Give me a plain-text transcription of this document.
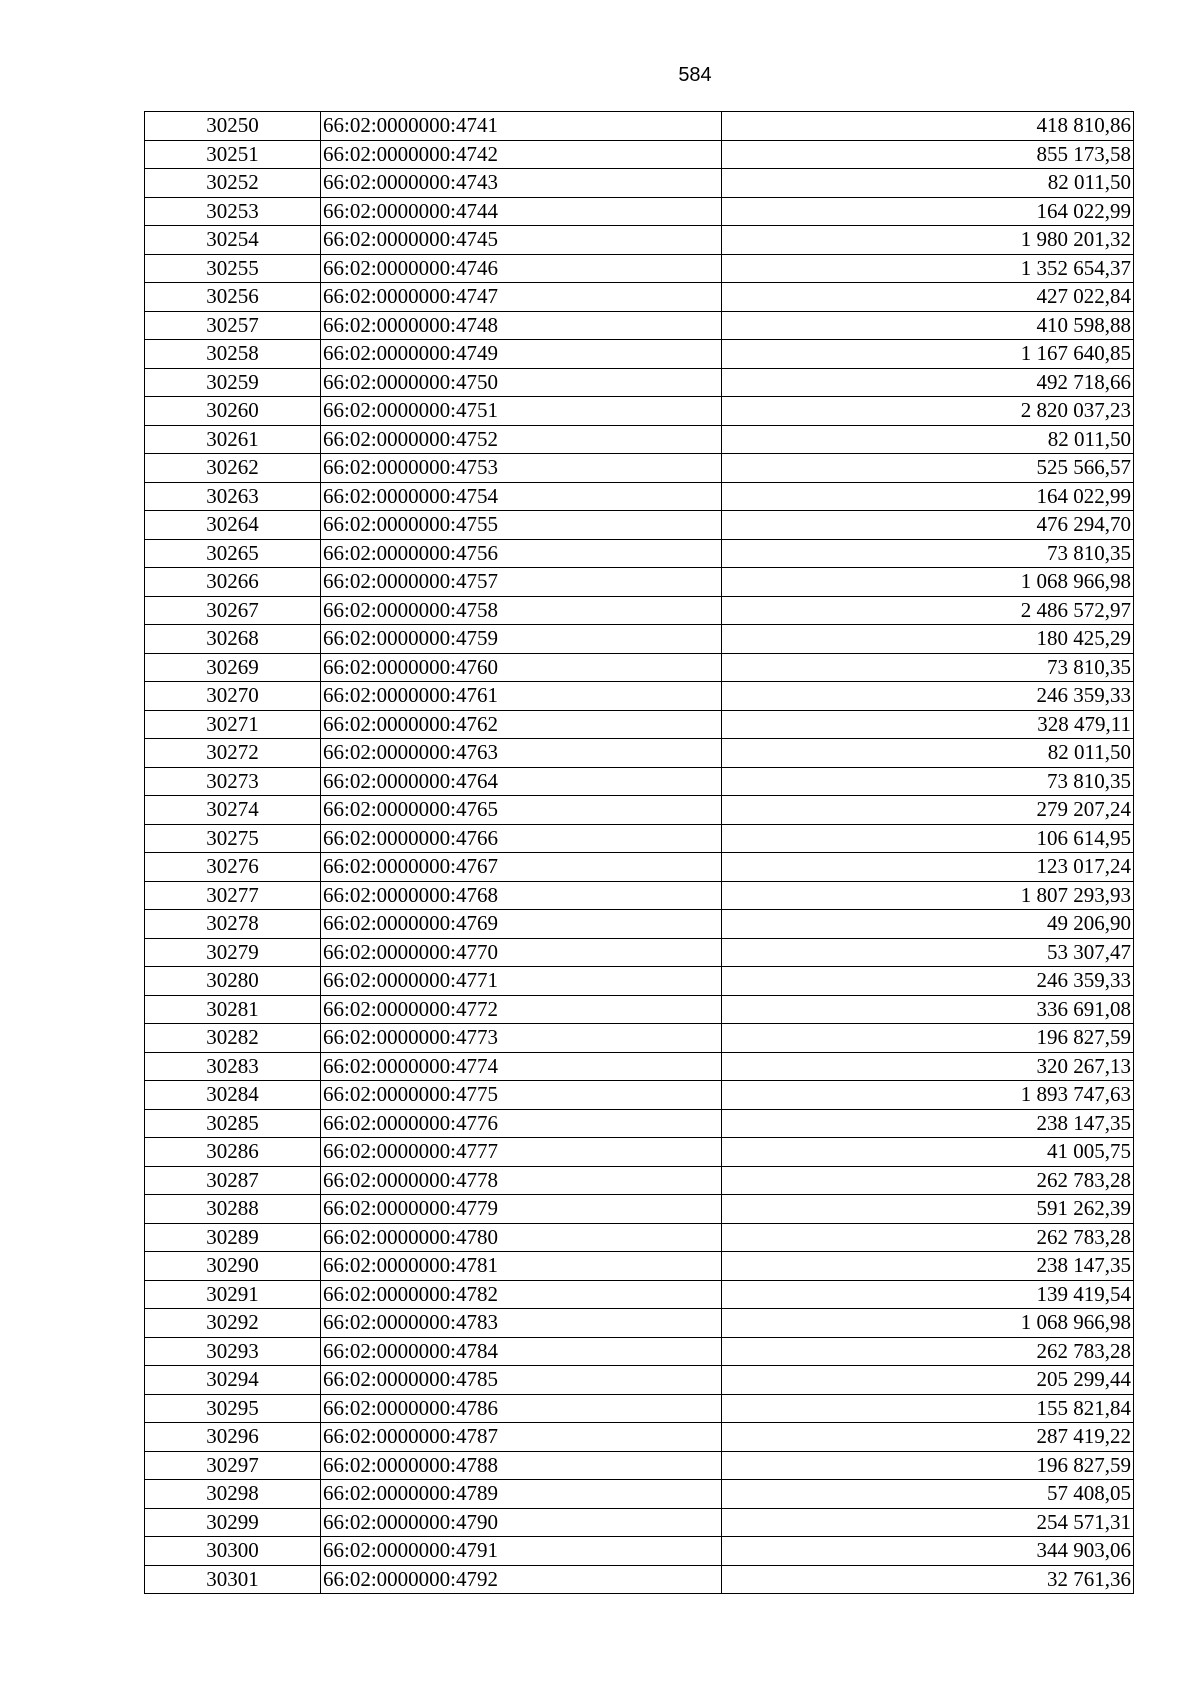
584
30250	66:02:0000000:4741	418 810,86
30251	66:02:0000000:4742	855 173,58
30252	66:02:0000000:4743	82 011,50
30253	66:02:0000000:4744	164 022,99
30254	66:02:0000000:4745	1 980 201,32
30255	66:02:0000000:4746	1 352 654,37
30256	66:02:0000000:4747	427 022,84
30257	66:02:0000000:4748	410 598,88
30258	66:02:0000000:4749	1 167 640,85
30259	66:02:0000000:4750	492 718,66
30260	66:02:0000000:4751	2 820 037,23
30261	66:02:0000000:4752	82 011,50
30262	66:02:0000000:4753	525 566,57
30263	66:02:0000000:4754	164 022,99
30264	66:02:0000000:4755	476 294,70
30265	66:02:0000000:4756	73 810,35
30266	66:02:0000000:4757	1 068 966,98
30267	66:02:0000000:4758	2 486 572,97
30268	66:02:0000000:4759	180 425,29
30269	66:02:0000000:4760	73 810,35
30270	66:02:0000000:4761	246 359,33
30271	66:02:0000000:4762	328 479,11
30272	66:02:0000000:4763	82 011,50
30273	66:02:0000000:4764	73 810,35
30274	66:02:0000000:4765	279 207,24
30275	66:02:0000000:4766	106 614,95
30276	66:02:0000000:4767	123 017,24
30277	66:02:0000000:4768	1 807 293,93
30278	66:02:0000000:4769	49 206,90
30279	66:02:0000000:4770	53 307,47
30280	66:02:0000000:4771	246 359,33
30281	66:02:0000000:4772	336 691,08
30282	66:02:0000000:4773	196 827,59
30283	66:02:0000000:4774	320 267,13
30284	66:02:0000000:4775	1 893 747,63
30285	66:02:0000000:4776	238 147,35
30286	66:02:0000000:4777	41 005,75
30287	66:02:0000000:4778	262 783,28
30288	66:02:0000000:4779	591 262,39
30289	66:02:0000000:4780	262 783,28
30290	66:02:0000000:4781	238 147,35
30291	66:02:0000000:4782	139 419,54
30292	66:02:0000000:4783	1 068 966,98
30293	66:02:0000000:4784	262 783,28
30294	66:02:0000000:4785	205 299,44
30295	66:02:0000000:4786	155 821,84
30296	66:02:0000000:4787	287 419,22
30297	66:02:0000000:4788	196 827,59
30298	66:02:0000000:4789	57 408,05
30299	66:02:0000000:4790	254 571,31
30300	66:02:0000000:4791	344 903,06
30301	66:02:0000000:4792	32 761,36
